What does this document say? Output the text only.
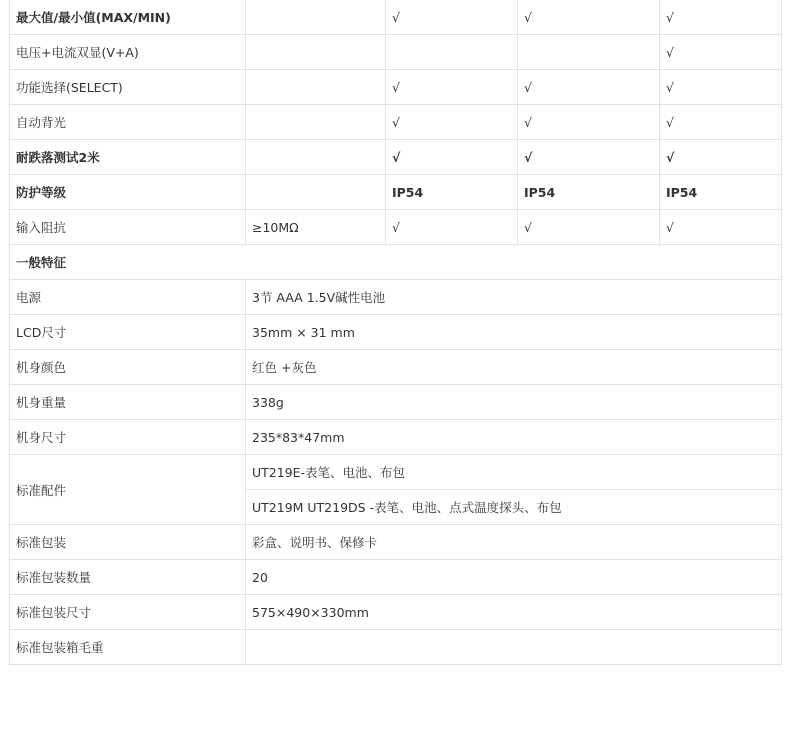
最大值/最小值(MAX/MIN)		√	√	√
电压+电流双显(V+A)				√
功能选择(SELECT)		√	√	√
自动背光		√	√	√
耐跌落测试2米		√	√	√
防护等级		IP54	IP54	IP54
输入阻抗	≥10MΩ	√	√	√
一般特征				
电源	3节 AAA 1.5V碱性电池			
LCD尺寸	35mm × 31 mm			
机身颜色	红色 +灰色			
机身重量	338g			
机身尺寸	235*83*47mm			
标准配件	UT219E-表笔、电池、布包			
	UT219M UT219DS -表笔、电池、点式温度探头、布包			
标准包装	彩盒、说明书、保修卡			
标准包装数量	20			
标准包装尺寸	575×490×330mm			
标准包装箱毛重				
